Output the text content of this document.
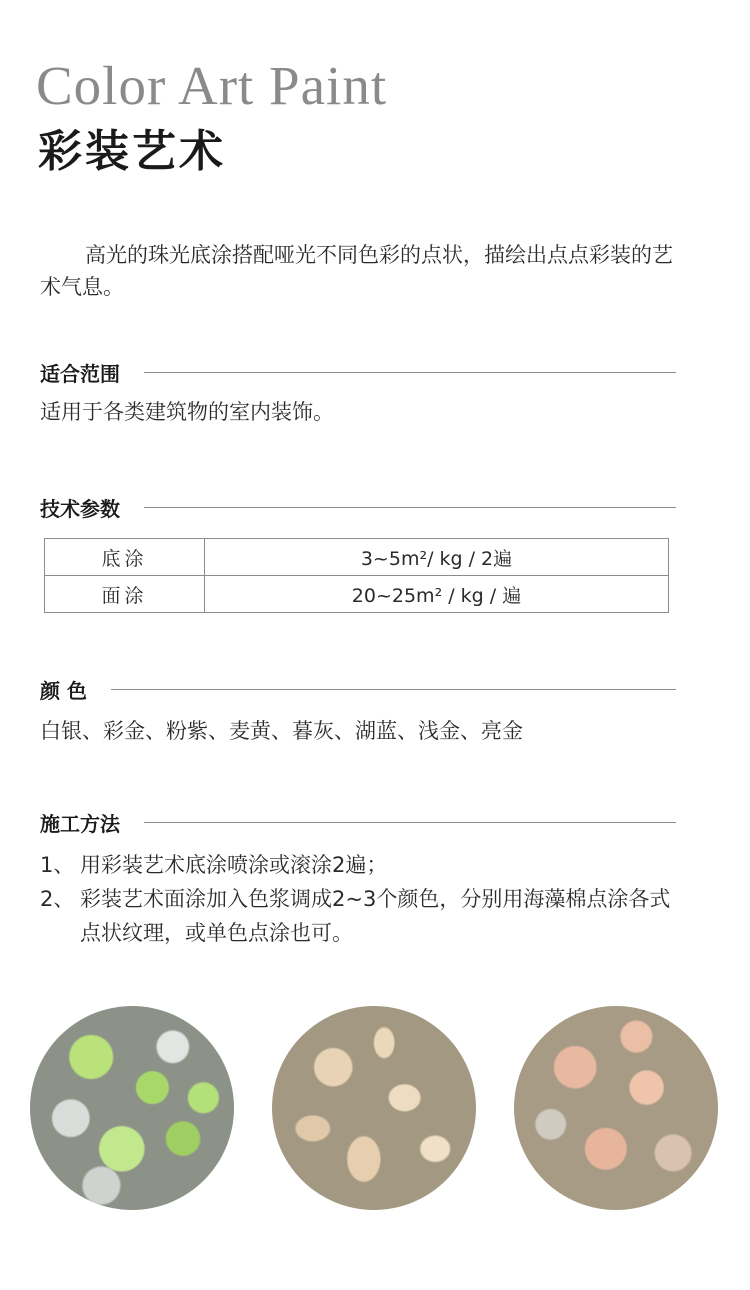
Color Art Paint
彩装艺术

高光的珠光底涂搭配哑光不同色彩的点状，描绘出点点彩装的艺术气息。

适合范围

适用于各类建筑物的室内装饰。

技术参数
底涂	3~5m²/ kg / 2遍
面涂	20~25m² / kg / 遍
颜 色

白银、彩金、粉紫、麦黄、暮灰、湖蓝、浅金、亮金

施工方法
1、 用彩装艺术底涂喷涂或滚涂2遍；
2、 彩装艺术面涂加入色浆调成2~3个颜色，分别用海藻棉点涂各式点状纹理，或单色点涂也可。
